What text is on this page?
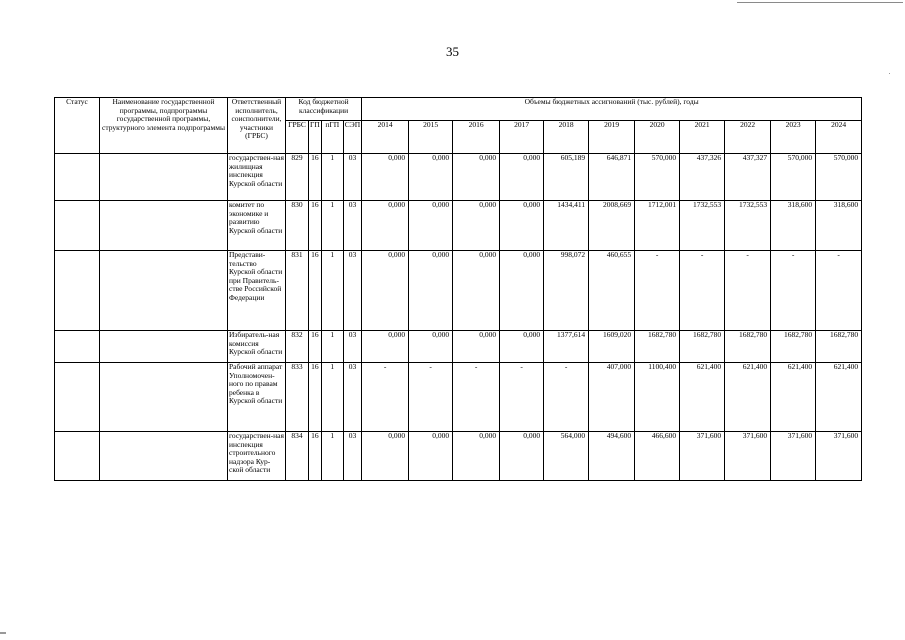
35
Статус	Наименование государственной программы, подпрограммы государственной программы, структурного элемента подпрограммы	Ответственный исполнитель, соисполнители, участники (ГРБС)	Код бюджетной классификации				Объемы бюджетных ассигнований (тыс. рублей), годы										
			ГРБС	ГП	пГП	СЭП	2014	2015	2016	2017	2018	2019	2020	2021	2022	2023	2024
		государствен-ная жилищная инспекция Курской области	829	16	1	03	0,000	0,000	0,000	0,000	605,189	646,871	570,000	437,326	437,327	570,000	570,000
		комитет по экономике и развитию Курской области	830	16	1	03	0,000	0,000	0,000	0,000	1434,411	2008,669	1712,001	1732,553	1732,553	318,600	318,600
		Представи-тельство Курской области при Правитель-стве Российской Федерации	831	16	1	03	0,000	0,000	0,000	0,000	998,072	460,655	-	-	-	-	-
		Избиратель-ная комиссия Курской области	832	16	1	03	0,000	0,000	0,000	0,000	1377,614	1609,020	1682,780	1682,780	1682,780	1682,780	1682,780
		Рабочий аппарат Уполномочен-ного по правам ребенка в Курской области	833	16	1	03	-	-	-	-	-	407,000	1100,400	621,400	621,400	621,400	621,400
		государствен-ная инспекция строительного надзора Кур-ской области	834	16	1	03	0,000	0,000	0,000	0,000	564,000	494,600	466,600	371,600	371,600	371,600	371,600
